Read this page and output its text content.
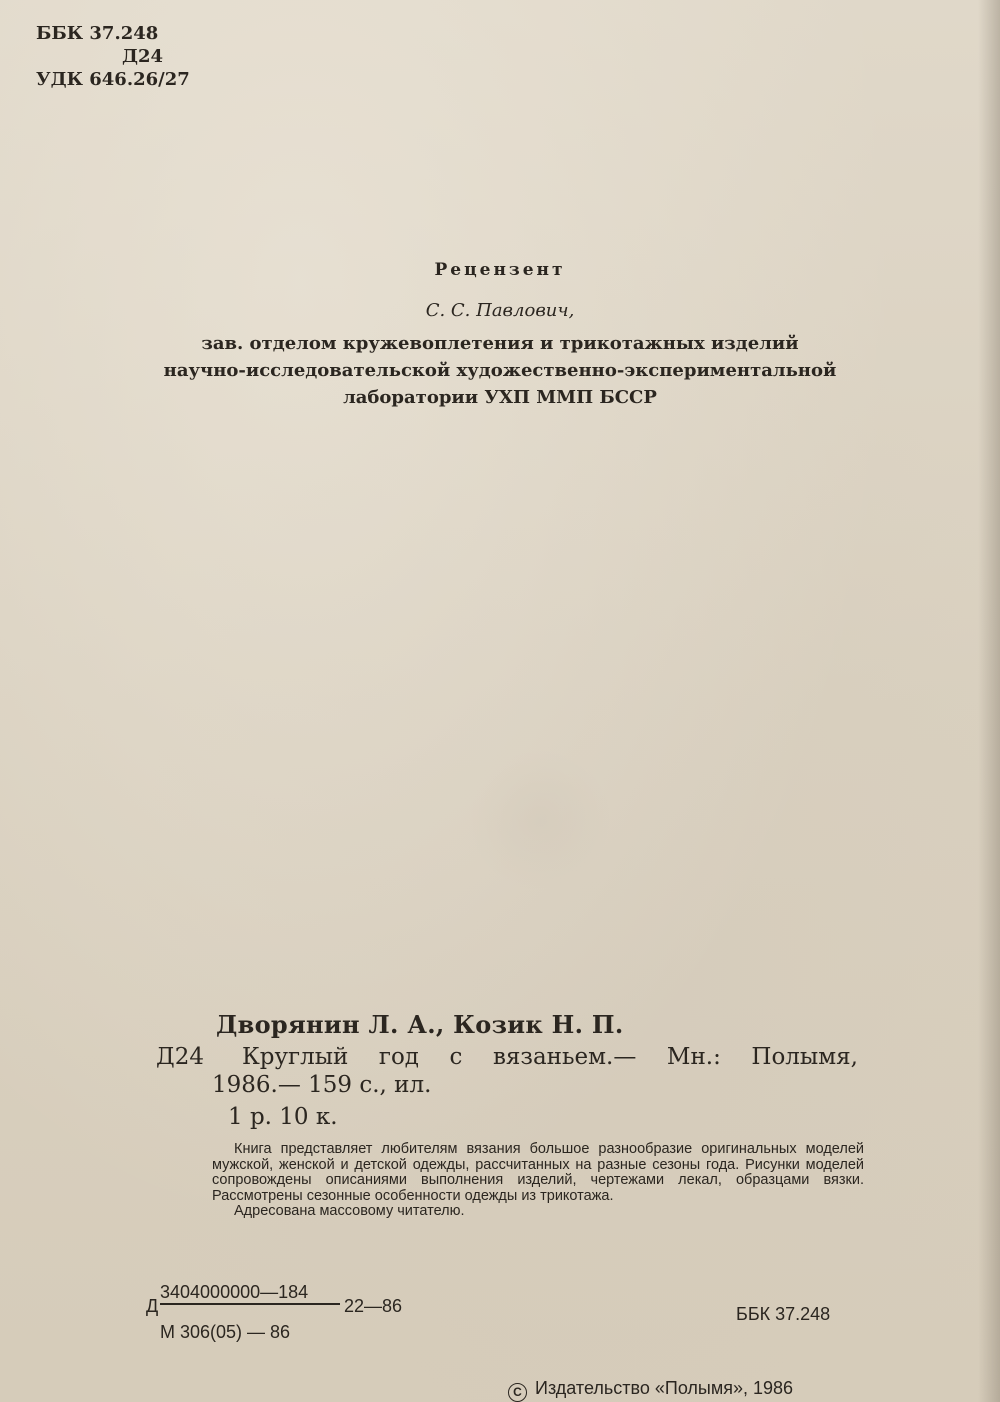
ББК 37.248
Д24
УДК 646.26/27
Рецензент
С. С. Павлович,
зав. отделом кружевоплетения и трикотажных изделий
научно-исследовательской художественно-экспериментальной
лаборатории УХП ММП БССР
Дворянин Л. А., Козик Н. П.
Д24 Круглый год с вязаньем.— Мн.: Полымя,
1986.— 159 с., ил.
1 р. 10 к.

Книга представляет любителям вязания большое разнообразие оригинальных моделей мужской, женской и детской одежды, рассчитанных на разные сезоны года. Рисунки моделей сопровождены описаниями выполнения изделий, чертежами лекал, образцами вязки. Рассмотрены сезонные особенности одежды из трикотажа.

Адресована массовому читателю.

3404000000—184
Д	22—86
М 306(05) — 86
ББК 37.248
C Издательство «Полымя», 1986
